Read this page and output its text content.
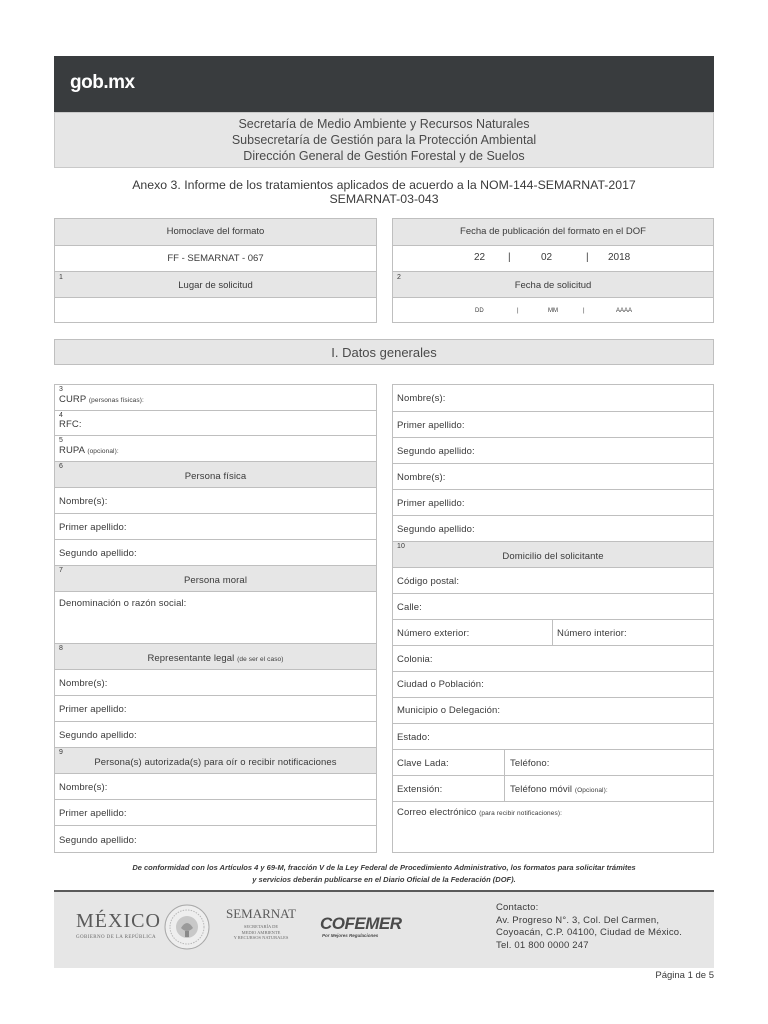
gob.mx
Secretaría de Medio Ambiente y Recursos Naturales
Subsecretaría de Gestión para la Protección Ambiental
Dirección General de Gestión Forestal y de Suelos
Anexo 3. Informe de los tratamientos aplicados de acuerdo a la NOM-144-SEMARNAT-2017
SEMARNAT-03-043
Homoclave del formato
FF - SEMARNAT - 067
1
Lugar de solicitud
Fecha de publicación del formato en el DOF
22 |	02	| 2018
2
Fecha de solicitud
DD	|	MM	|	AAAA
I. Datos generales
3
CURP (personas físicas):
4
RFC:
5
RUPA (opcional):
6
Persona física
Nombre(s):
Primer apellido:
Segundo apellido:
7
Persona moral
Denominación o razón social:
8
Representante legal (de ser el caso)
Nombre(s):
Primer apellido:
Segundo apellido:
9
Persona(s) autorizada(s) para oír o recibir notificaciones
Nombre(s):
Primer apellido:
Segundo apellido:
Nombre(s):
Primer apellido:
Segundo apellido:
Nombre(s):
Primer apellido:
Segundo apellido:
10
Domicilio del solicitante
Código postal:
Calle:
Número exterior:	Número interior:
Colonia:
Ciudad o Población:
Municipio o Delegación:
Estado:
Clave Lada:	Teléfono:
Extensión:	Teléfono móvil (Opcional):
Correo electrónico (para recibir notificaciones):
De conformidad con los Artículos 4 y 69-M, fracción V de la Ley Federal de Procedimiento Administrativo, los formatos para solicitar trámites
y servicios deberán publicarse en el Diario Oficial de la Federación (DOF).
MÉXICO
GOBIERNO DE LA REPÚBLICA
SEMARNAT
SECRETARÍA DE
MEDIO AMBIENTE
Y RECURSOS NATURALES
COFEMER
Por Mejores Regulaciones
Contacto:
Av. Progreso N°. 3, Col. Del Carmen,
Coyoacán, C.P. 04100, Ciudad de México.
Tel. 01 800 0000 247
Página 1 de 5
